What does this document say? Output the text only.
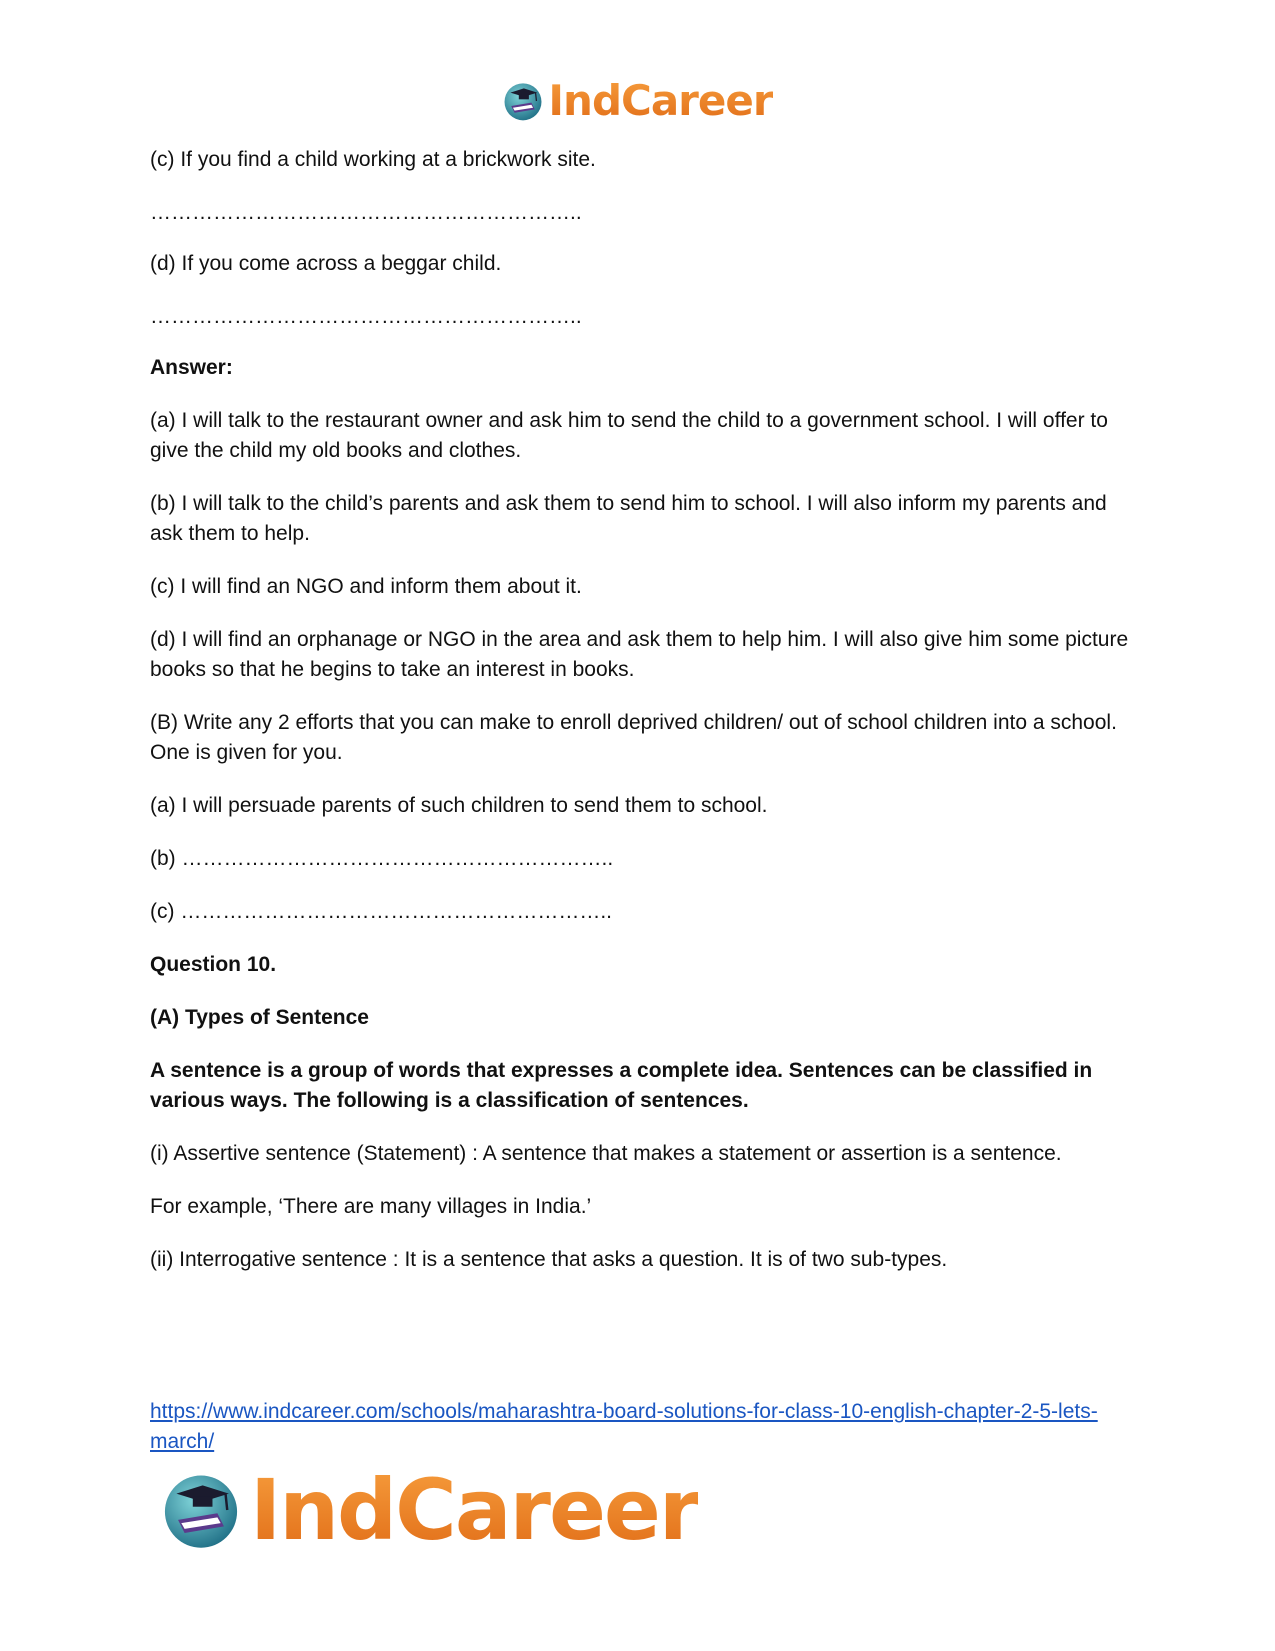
IndCareer

(c) If you find a child working at a brickwork site.

……………………………………………………..

(d) If you come across a beggar child.

……………………………………………………..

Answer:

(a) I will talk to the restaurant owner and ask him to send the child to a government school. I will offer to give the child my old books and clothes.

(b) I will talk to the child’s parents and ask them to send him to school. I will also inform my parents and ask them to help.

(c) I will find an NGO and inform them about it.

(d) I will find an orphanage or NGO in the area and ask them to help him. I will also give him some picture books so that he begins to take an interest in books.

(B) Write any 2 efforts that you can make to enroll deprived children/ out of school children into a school. One is given for you.

(a) I will persuade parents of such children to send them to school.

(b) ……………………………………………………..

(c) ……………………………………………………..

Question 10.

(A) Types of Sentence

A sentence is a group of words that expresses a complete idea. Sentences can be classified in various ways. The following is a classification of sentences.

(i) Assertive sentence (Statement) : A sentence that makes a statement or assertion is a sentence.

For example, ‘There are many villages in India.’

(ii) Interrogative sentence : It is a sentence that asks a question. It is of two sub-types.

https://www.indcareer.com/schools/maharashtra-board-solutions-for-class-10-english-chapter-2-5-lets-march/
IndCareer
